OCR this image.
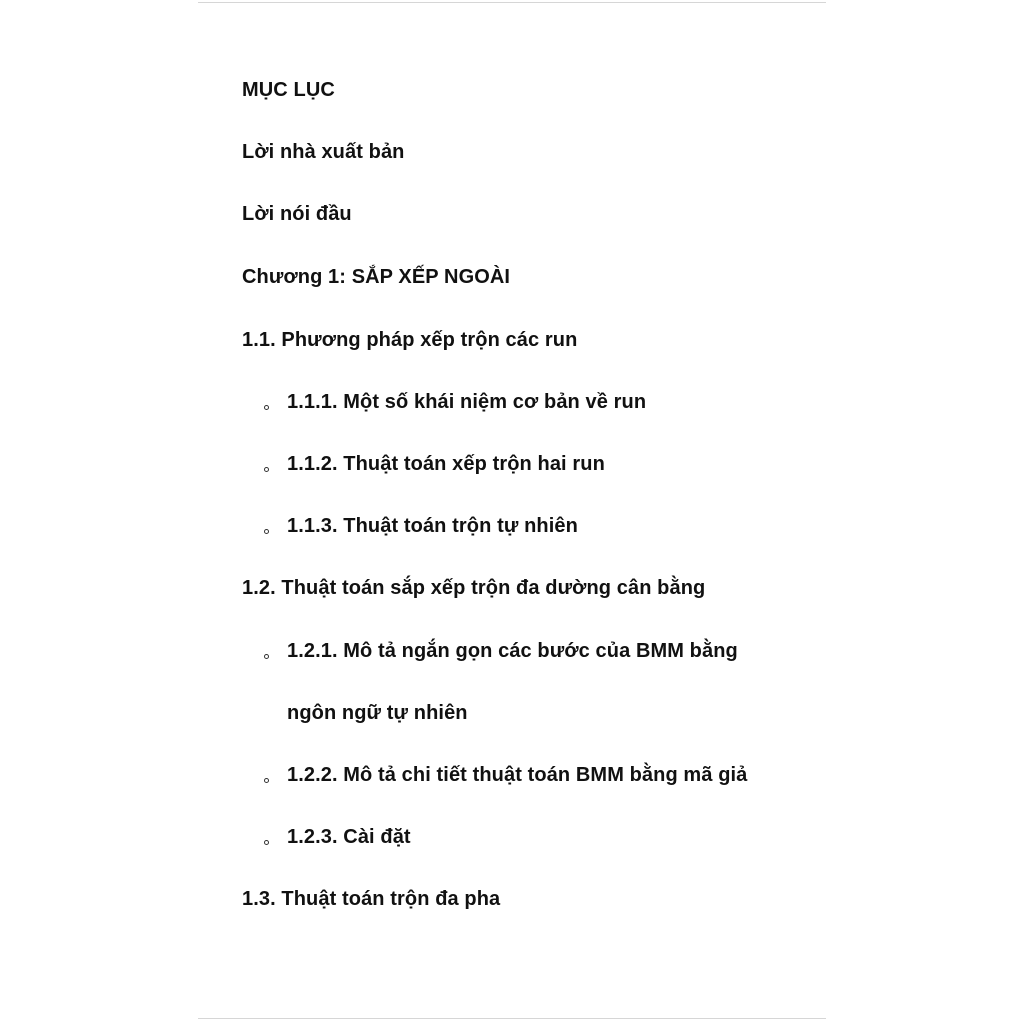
MỤC LỤC
Lời nhà xuất bản
Lời nói đầu
Chương 1: SẮP XẾP NGOÀI
1.1. Phương pháp xếp trộn các run
1.1.1. Một số khái niệm cơ bản về run
1.1.2. Thuật toán xếp trộn hai run
1.1.3. Thuật toán trộn tự nhiên
1.2. Thuật toán sắp xếp trộn đa dường cân bằng
1.2.1. Mô tả ngắn gọn các bước của BMM bằng
ngôn ngữ tự nhiên
1.2.2. Mô tả chi tiết thuật toán BMM bằng mã giả
1.2.3. Cài đặt
1.3. Thuật toán trộn đa pha
